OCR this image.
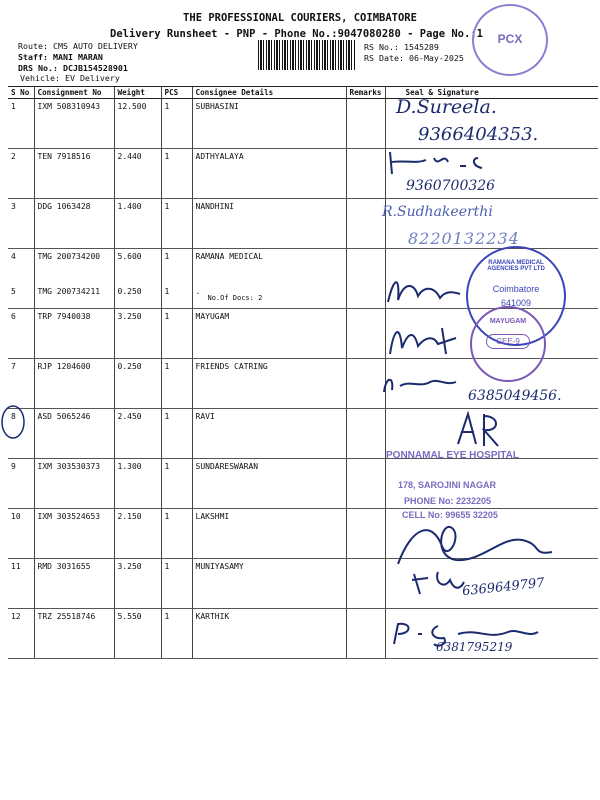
THE PROFESSIONAL COURIERS, COIMBATORE
Delivery Runsheet - PNP - Phone No.:9047080280 - Page No.:1
Route: CMS AUTO DELIVERY
Staff: MANI MARAN
DRS No.: DCJB154528901
Vehicle: EV Delivery
RS No.: 1545289
RS Date: 06-May-2025
PCX
S No	Consignment No	Weight	PCS	Consignee Details	Remarks	Seal & Signature
1	IXM 508310943	12.500	1	SUBHASINI		
2	TEN 7918516	2.440	1	ADTHYALAYA		
3	DDG 1063428	1.400	1	NANDHINI		
4	TMG 200734200	5.600	1	RAMANA MEDICAL		
5	TMG 200734211	0.250	1	.
No.Of Docs: 2		

6	TRP 7940038	3.250	1	MAYUGAM		
7	RJP 1204600	0.250	1	FRIENDS CATRING		
8	ASD 5065246	2.450	1	RAVI		
9	IXM 303530373	1.300	1	SUNDARESWARAN		
10	IXM 303524653	2.150	1	LAKSHMI		
11	RMD 3031655	3.250	1	MUNIYASAMY		
12	TRZ 25518746	5.550	1	KARTHIK		
D.Sureela.
9366404353.
9360700326
R.Sudhakeerthi
8220132234
6385049456.
6369649797
6381795219
RAMANA MEDICAL AGENCIES PVT LTD
Coimbatore
641009
MAYUGAM
CEE-9
PONNAMAL EYE HOSPITAL
178, SAROJINI NAGAR
PHONE No: 2232205
CELL No: 99655 32205
